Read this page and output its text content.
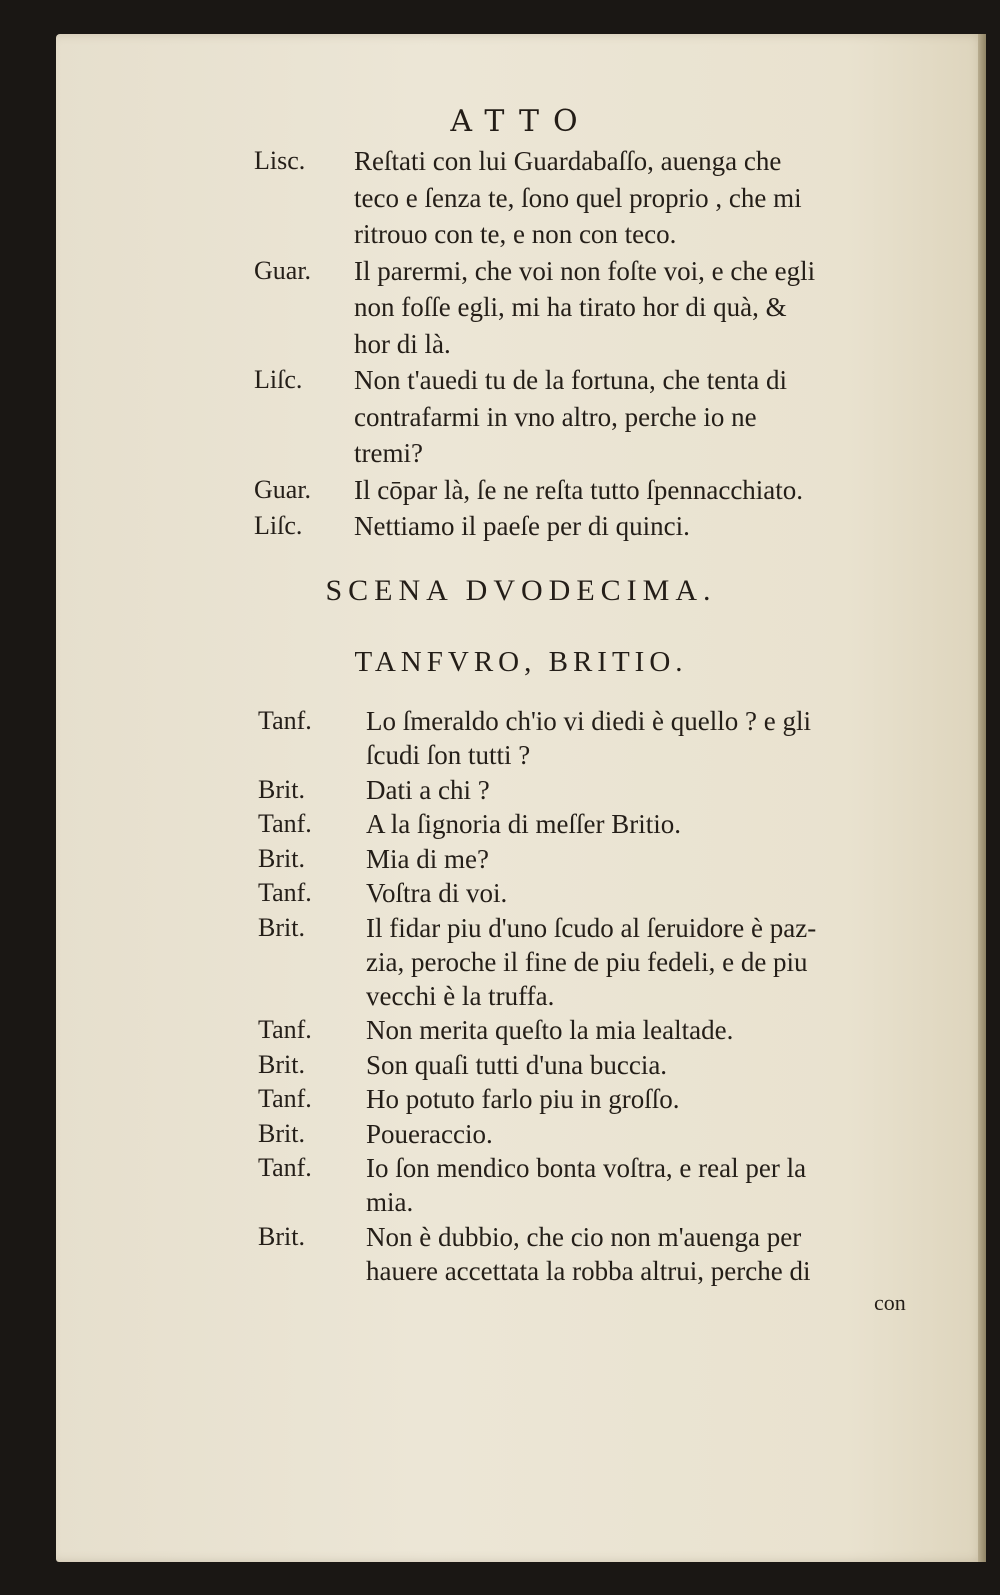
ATTO
Lisc. Reſtati con lui Guardabaſſo, auenga che
teco e ſenza te, ſono quel proprio , che mi
ritrouo con te, e non con teco.
Guar. Il parermi, che voi non foſte voi, e che egli
non foſſe egli, mi ha tirato hor di quà, &
hor di là.
Liſc. Non t'auedi tu de la fortuna, che tenta di
contrafarmi in vno altro, perche io ne
tremi?
Guar. Il cōpar là, ſe ne reſta tutto ſpennacchiato.
Liſc. Nettiamo il paeſe per di quinci.
SCENA DVODECIMA.
TANFVRO, BRITIO.
Tanf. Lo ſmeraldo ch'io vi diedi è quello ? e gli
ſcudi ſon tutti ?
Brit. Dati a chi ?
Tanf. A la ſignoria di meſſer Britio.
Brit. Mia di me?
Tanf. Voſtra di voi.
Brit. Il fidar piu d'uno ſcudo al ſeruidore è paz-
zia, peroche il fine de piu fedeli, e de piu
vecchi è la truffa.
Tanf. Non merita queſto la mia lealtade.
Brit. Son quaſi tutti d'una buccia.
Tanf. Ho potuto farlo piu in groſſo.
Brit. Poueraccio.
Tanf. Io ſon mendico bonta voſtra, e real per la
mia.
Brit. Non è dubbio, che cio non m'auenga per
hauere accettata la robba altrui, perche di
con
